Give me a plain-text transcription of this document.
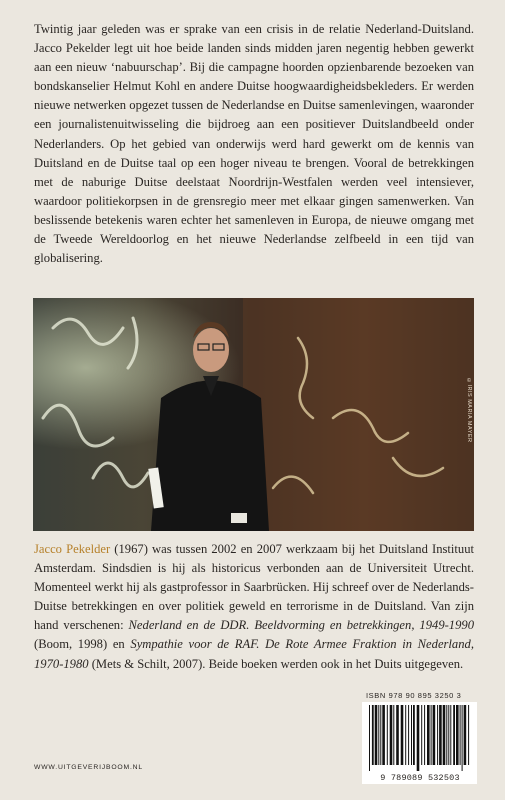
Twintig jaar geleden was er sprake van een crisis in de relatie Nederland-Duitsland. Jacco Pekelder legt uit hoe beide landen sinds midden jaren negentig hebben gewerkt aan een nieuw ‘nabuurschap’. Bij die campagne hoorden opzienbarende bezoeken van bondskanselier Helmut Kohl en andere Duitse hoogwaardigheidsbekleders. Er werden nieuwe netwerken opgezet tussen de Nederlandse en Duitse samenlevingen, waaronder een journalistenuitwisseling die bijdroeg aan een positiever Duitslandbeeld onder Nederlanders. Op het gebied van onderwijs werd hard gewerkt om de kennis van Duitsland en de Duitse taal op een hoger niveau te brengen. Vooral de betrekkingen met de naburige Duitse deelstaat Noordrijn-Westfalen werden veel intensiever, waardoor politiekorpsen in de grensregio meer met elkaar gingen samenwerken. Van beslissende betekenis waren echter het samenleven in Europa, de nieuwe omgang met de Tweede Wereldoorlog en het nieuwe Nederlandse zelfbeeld in een tijd van globalisering.

©IRIS MARIA MAYER

Jacco Pekelder (1967) was tussen 2002 en 2007 werkzaam bij het Duitsland Instituut Amsterdam. Sindsdien is hij als historicus verbonden aan de Universiteit Utrecht. Momenteel werkt hij als gastprofessor in Saarbrücken. Hij schreef over de Nederlands-Duitse betrekkingen en over politiek geweld en terrorisme in de Duitsland. Van zijn hand verschenen: Nederland en de DDR. Beeldvorming en betrekkingen, 1949-1990 (Boom, 1998) en Sympathie voor de RAF. De Rote Armee Fraktion in Nederland, 1970-1980 (Mets & Schilt, 2007). Beide boeken werden ook in het Duits uitgegeven.

ISBN 978 90 895 3250 3
9 789089 532503
WWW.UITGEVERIJBOOM.NL
